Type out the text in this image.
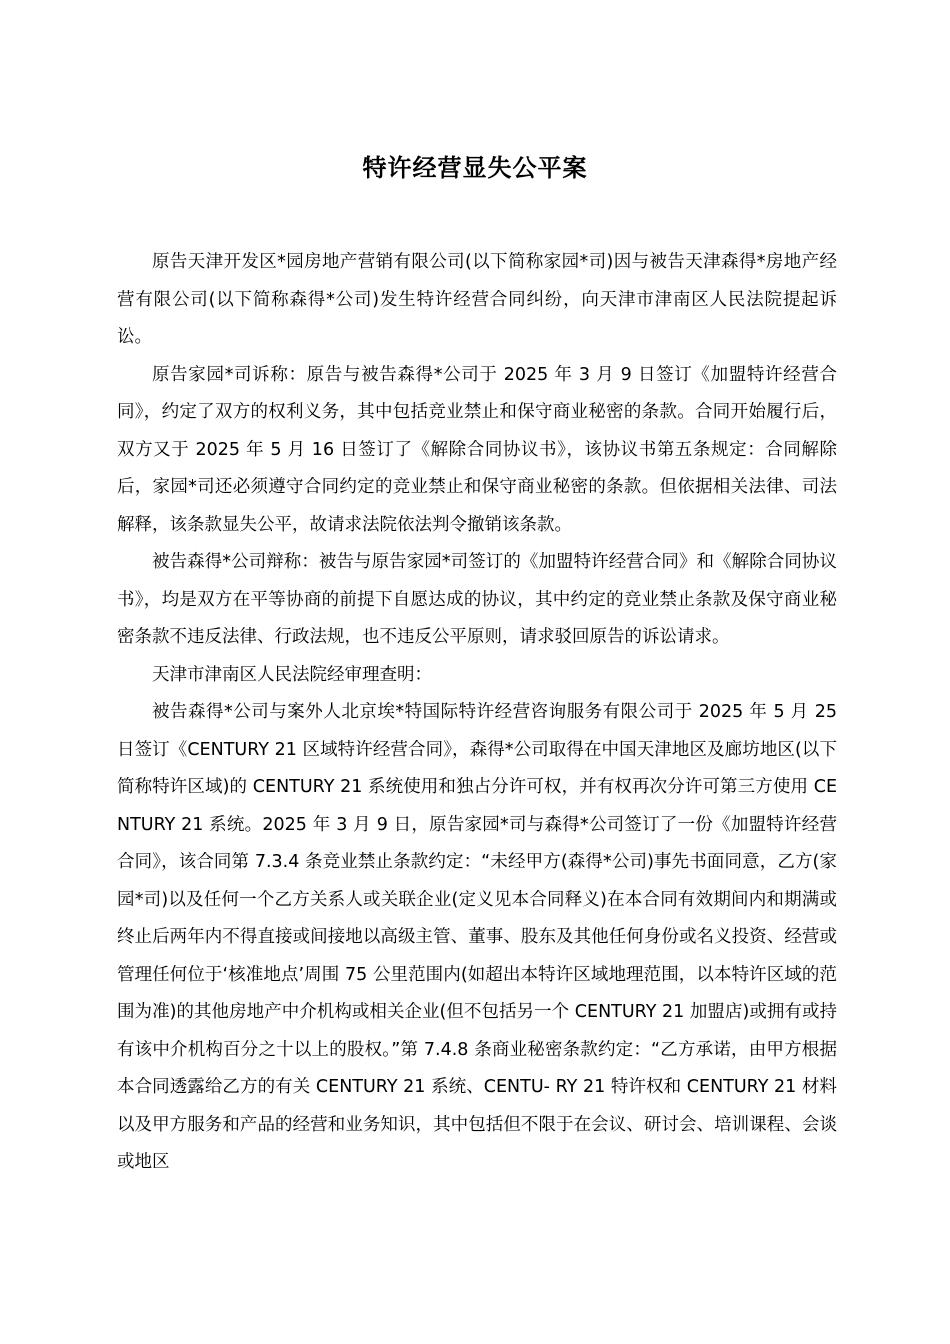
特许经营显失公平案

原告天津开发区*园房地产营销有限公司(以下简称家园*司)因与被告天津森得*房地产经营有限公司(以下简称森得*公司)发生特许经营合同纠纷，向天津市津南区人民法院提起诉讼。

原告家园*司诉称：原告与被告森得*公司于 2025 年 3 月 9 日签订《加盟特许经营合同》，约定了双方的权利义务，其中包括竞业禁止和保守商业秘密的条款。合同开始履行后，双方又于 2025 年 5 月 16 日签订了《解除合同协议书》，该协议书第五条规定：合同解除后，家园*司还必须遵守合同约定的竞业禁止和保守商业秘密的条款。但依据相关法律、司法解释，该条款显失公平，故请求法院依法判令撤销该条款。

被告森得*公司辩称：被告与原告家园*司签订的《加盟特许经营合同》和《解除合同协议书》，均是双方在平等协商的前提下自愿达成的协议，其中约定的竞业禁止条款及保守商业秘密条款不违反法律、行政法规，也不违反公平原则，请求驳回原告的诉讼请求。

天津市津南区人民法院经审理查明：

被告森得*公司与案外人北京埃*特国际特许经营咨询服务有限公司于 2025 年 5 月 25 日签订《CENTURY 21 区域特许经营合同》，森得*公司取得在中国天津地区及廊坊地区(以下简称特许区域)的 CENTURY 21 系统使用和独占分许可权，并有权再次分许可第三方使用 CENTURY 21 系统。2025 年 3 月 9 日，原告家园*司与森得*公司签订了一份《加盟特许经营合同》，该合同第 7.3.4 条竞业禁止条款约定：“未经甲方(森得*公司)事先书面同意，乙方(家园*司)以及任何一个乙方关系人或关联企业(定义见本合同释义)在本合同有效期间内和期满或终止后两年内不得直接或间接地以高级主管、董事、股东及其他任何身份或名义投资、经营或管理任何位于‘核准地点’周围 75 公里范围内(如超出本特许区域地理范围，以本特许区域的范围为准)的其他房地产中介机构或相关企业(但不包括另一个 CENTURY 21 加盟店)或拥有或持有该中介机构百分之十以上的股权。”第 7.4.8 条商业秘密条款约定：“乙方承诺，由甲方根据本合同透露给乙方的有关 CENTURY 21 系统、CENTU- RY 21 特许权和 CENTURY 21 材料以及甲方服务和产品的经营和业务知识，其中包括但不限于在会议、研讨会、培训课程、会谈或地区
